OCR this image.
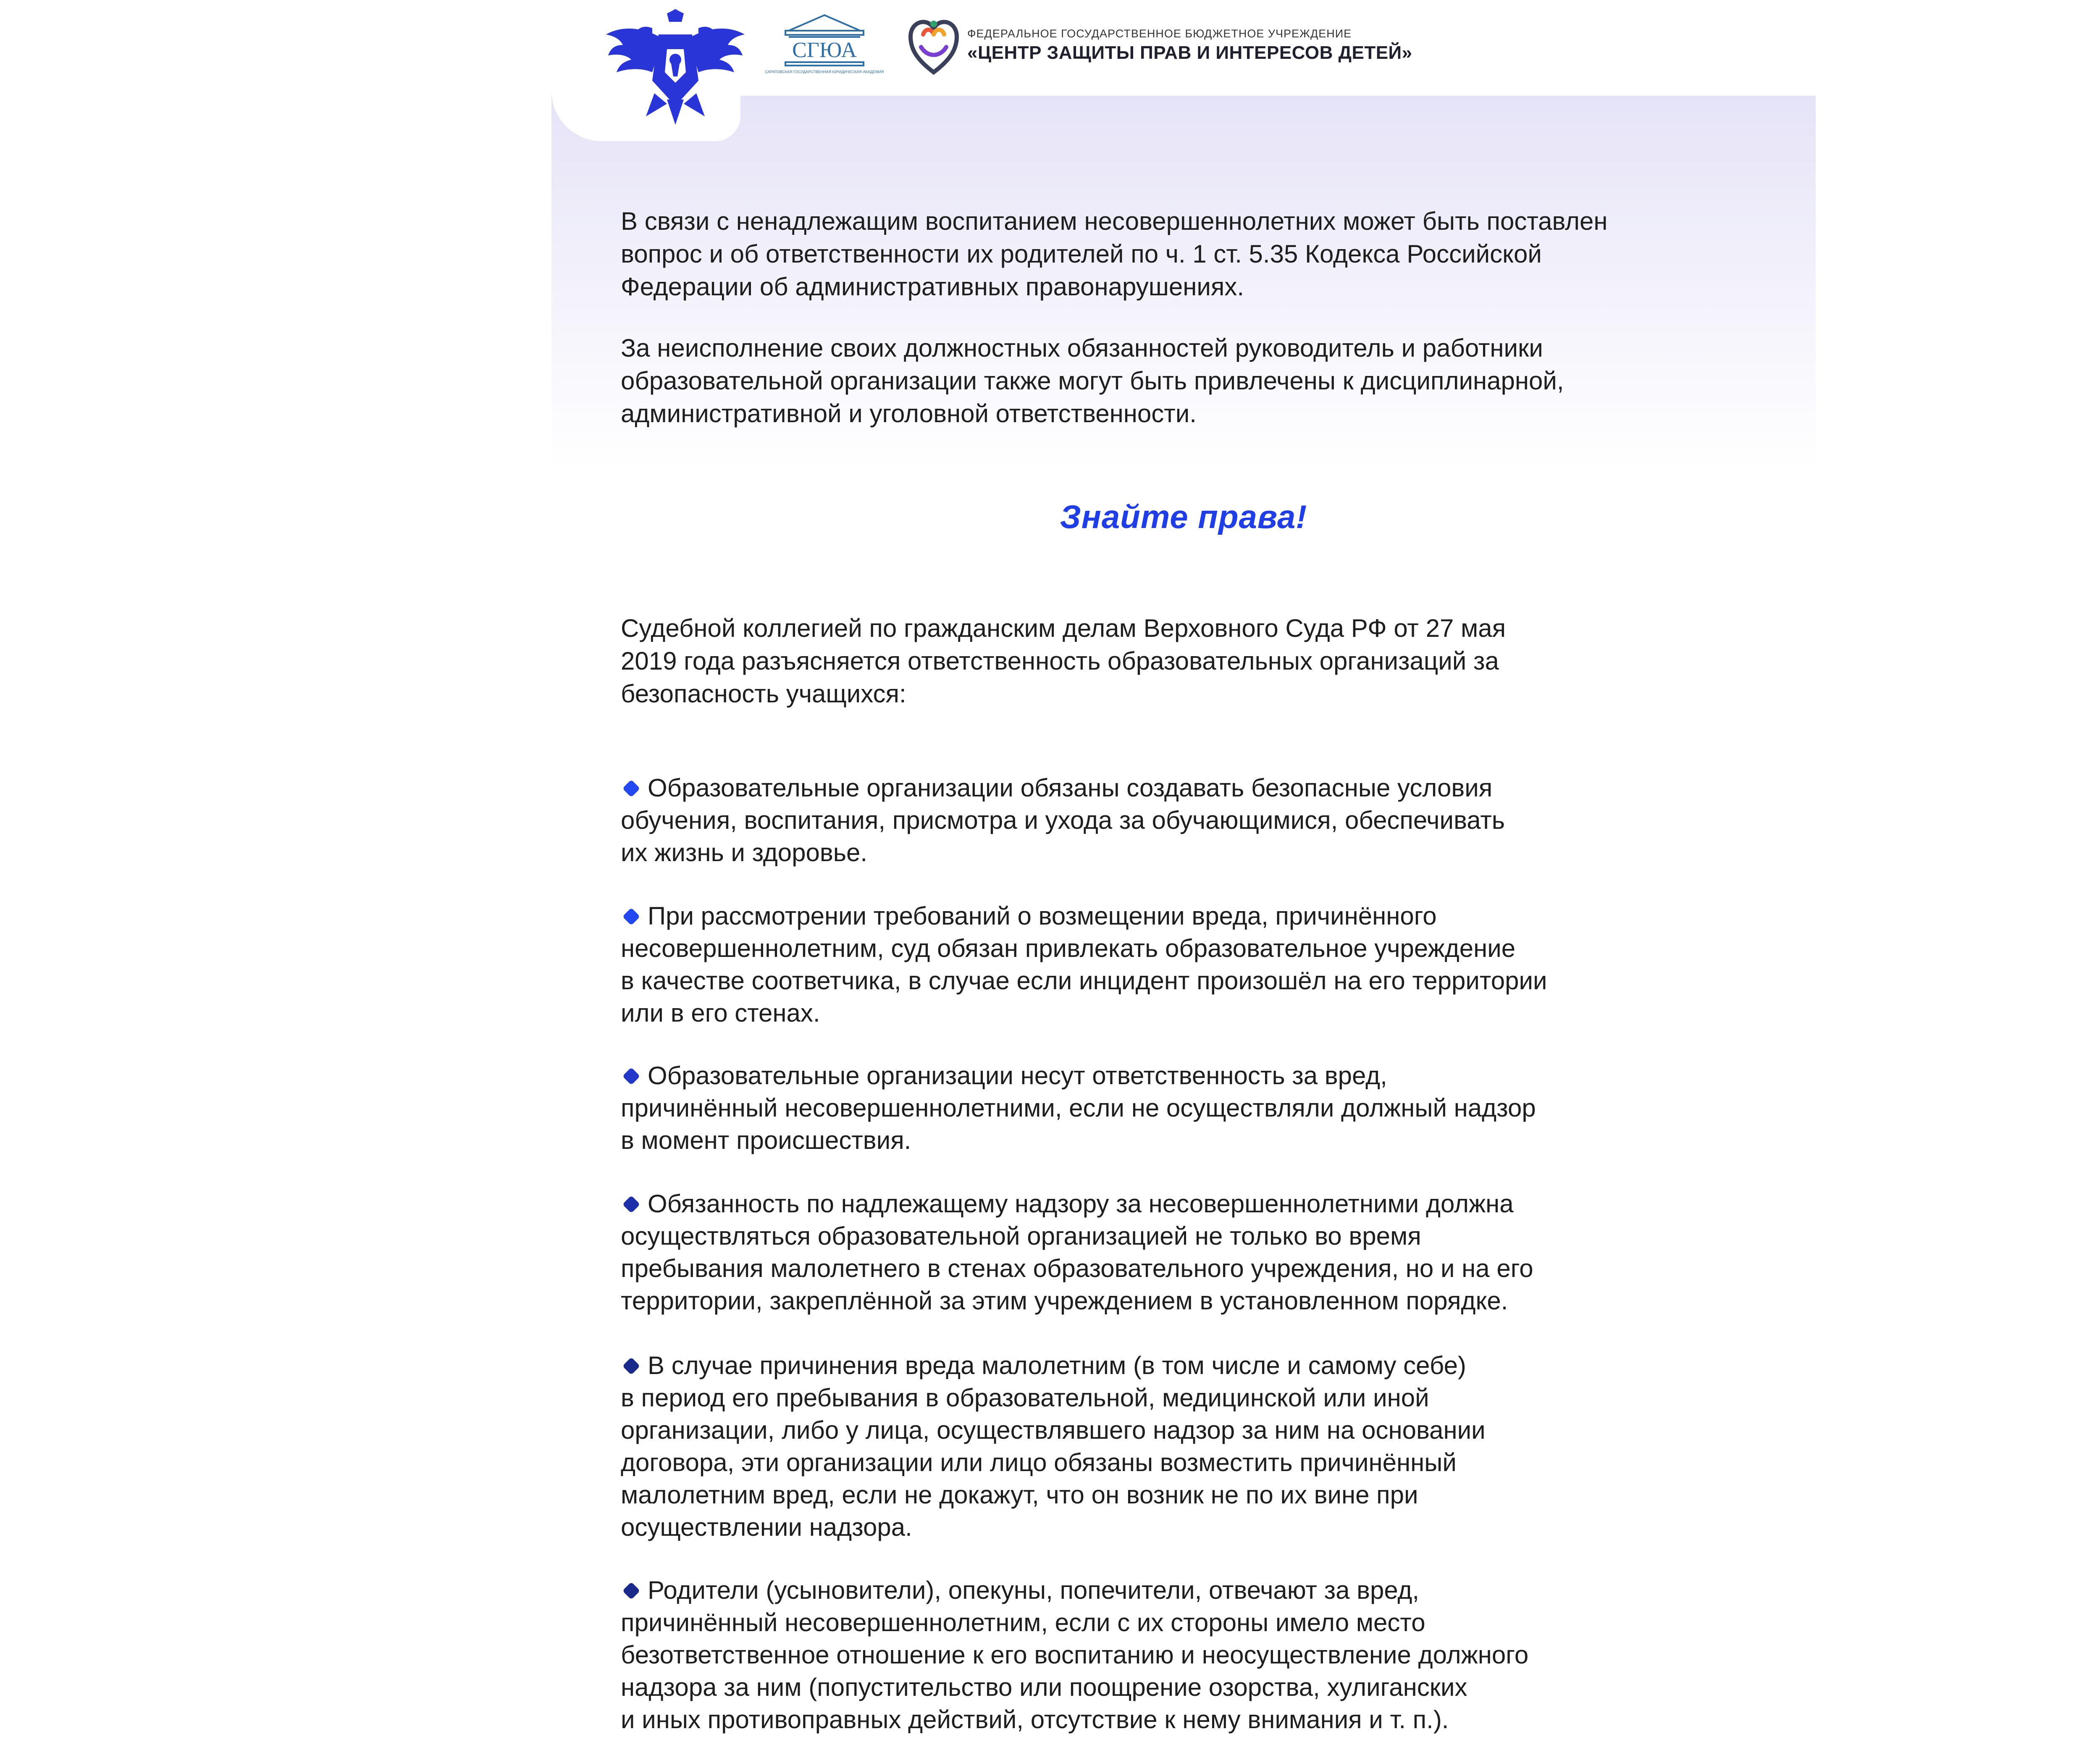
СГЮА
САРАТОВСКАЯ ГОСУДАРСТВЕННАЯ ЮРИДИЧЕСКАЯ АКАДЕМИЯ
ФЕДЕРАЛЬНОЕ ГОСУДАРСТВЕННОЕ БЮДЖЕТНОЕ УЧРЕЖДЕНИЕ
«ЦЕНТР ЗАЩИТЫ ПРАВ И ИНТЕРЕСОВ ДЕТЕЙ»

В связи с ненадлежащим воспитанием несовершеннолетних может быть поставлен
вопрос и об ответственности их родителей по ч. 1 ст. 5.35 Кодекса Российской
Федерации об административных правонарушениях.

За неисполнение своих должностных обязанностей руководитель и работники
образовательной организации также могут быть привлечены к дисциплинарной,
административной и уголовной ответственности.

Знайте права!

Судебной коллегией по гражданским делам Верховного Суда РФ от 27 мая
2019 года разъясняется ответственность образовательных организаций за
безопасность учащихся:

Образовательные организации обязаны создавать безопасные условия
обучения, воспитания, присмотра и ухода за обучающимися, обеспечивать
их жизнь и здоровье.

При рассмотрении требований о возмещении вреда, причинённого
несовершеннолетним, суд обязан привлекать образовательное учреждение
в качестве соответчика, в случае если инцидент произошёл на его территории
или в его стенах.

Образовательные организации несут ответственность за вред,
причинённый несовершеннолетними, если не осуществляли должный надзор
в момент происшествия.

Обязанность по надлежащему надзору за несовершеннолетними должна
осуществляться образовательной организацией не только во время
пребывания малолетнего в стенах образовательного учреждения, но и на его
территории, закреплённой за этим учреждением в установленном порядке.

В случае причинения вреда малолетним (в том числе и самому себе)
в период его пребывания в образовательной, медицинской или иной
организации, либо у лица, осуществлявшего надзор за ним на основании
договора, эти организации или лицо обязаны возместить причинённый
малолетним вред, если не докажут, что он возник не по их вине при
осуществлении надзора.

Родители (усыновители), опекуны, попечители, отвечают за вред,
причинённый несовершеннолетним, если с их стороны имело место
безответственное отношение к его воспитанию и неосуществление должного
надзора за ним (попустительство или поощрение озорства, хулиганских
и иных противоправных действий, отсутствие к нему внимания и т. п.).
